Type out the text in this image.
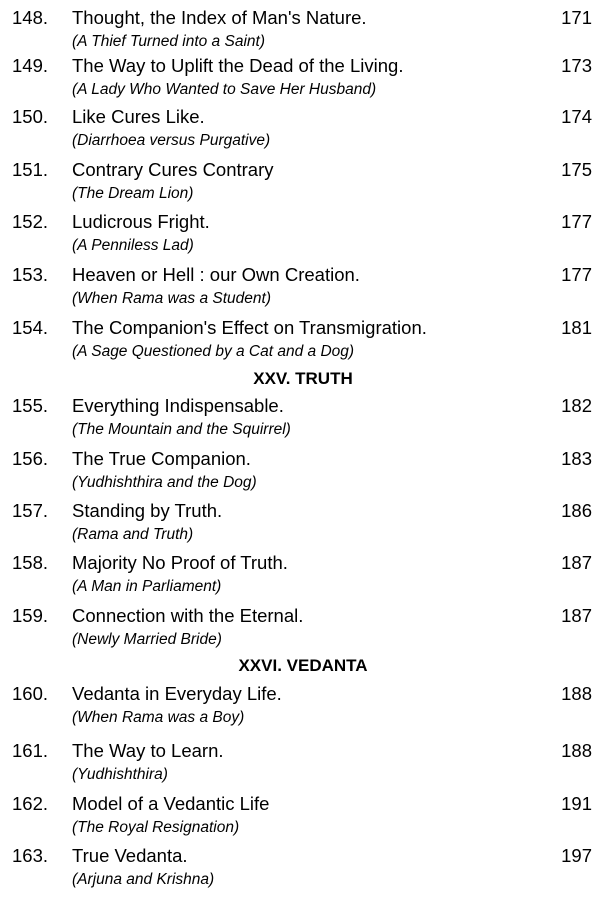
148. Thought, the Index of Man's Nature.
(A Thief Turned into a Saint)
171
149. The Way to Uplift the Dead of the Living.
(A Lady Who Wanted to Save Her Husband)
173
150. Like Cures Like.
(Diarrhoea versus Purgative)
174
151. Contrary Cures Contrary
(The Dream Lion)
175
152. Ludicrous Fright.
(A Penniless Lad)
177
153. Heaven or Hell : our Own Creation.
(When Rama was a Student)
177
154. The Companion's Effect on Transmigration.
(A Sage Questioned by a Cat and a Dog)
181
XXV. TRUTH
155. Everything Indispensable.
(The Mountain and the Squirrel)
182
156. The True Companion.
(Yudhishthira and the Dog)
183
157. Standing by Truth.
(Rama and Truth)
186
158. Majority No Proof of Truth.
(A Man in Parliament)
187
159. Connection with the Eternal.
(Newly Married Bride)
187
XXVI. VEDANTA
160. Vedanta in Everyday Life.
(When Rama was a Boy)
188
161. The Way to Learn.
(Yudhishthira)
188
162. Model of a Vedantic Life
(The Royal Resignation)
191
163. True Vedanta.
(Arjuna and Krishna)
197
